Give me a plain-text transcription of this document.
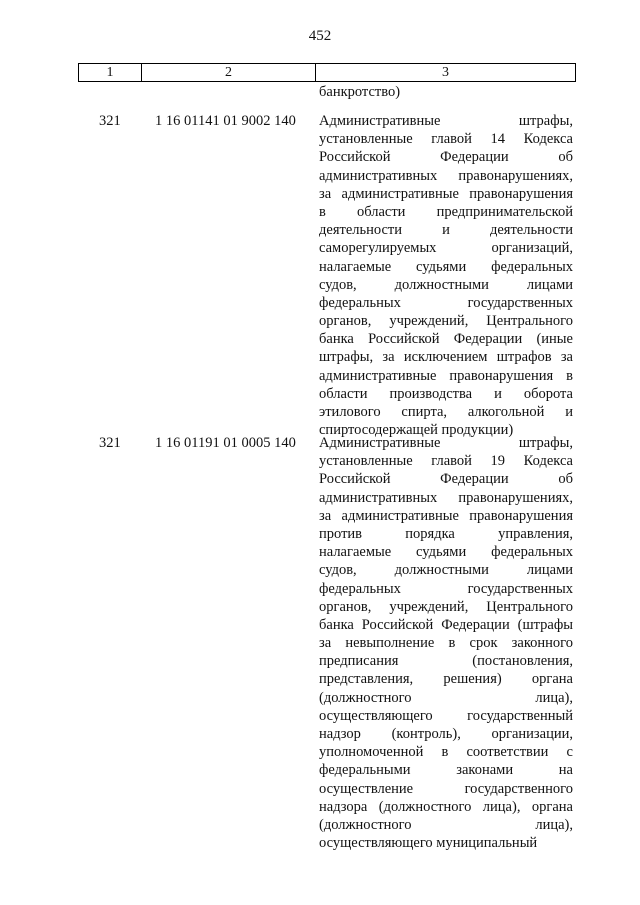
452
1	2	3
банкротство)
321 1 16 01141 01 9002 140 Административные штрафы,
установленные главой 14 Кодекса
Российской Федерации об
административных правонарушениях,
за административные правонарушения
в области предпринимательской
деятельности и деятельности
саморегулируемых организаций,
налагаемые судьями федеральных
судов, должностными лицами
федеральных государственных
органов, учреждений, Центрального
банка Российской Федерации (иные
штрафы, за исключением штрафов за
административные правонарушения в
области производства и оборота
этилового спирта, алкогольной и
спиртосодержащей продукции)
321 1 16 01191 01 0005 140 Административные штрафы,
установленные главой 19 Кодекса
Российской Федерации об
административных правонарушениях,
за административные правонарушения
против порядка управления,
налагаемые судьями федеральных
судов, должностными лицами
федеральных государственных
органов, учреждений, Центрального
банка Российской Федерации (штрафы
за невыполнение в срок законного
предписания (постановления,
представления, решения) органа
(должностного лица),
осуществляющего государственный
надзор (контроль), организации,
уполномоченной в соответствии с
федеральными законами на
осуществление государственного
надзора (должностного лица), органа
(должностного лица),
осуществляющего муниципальный
